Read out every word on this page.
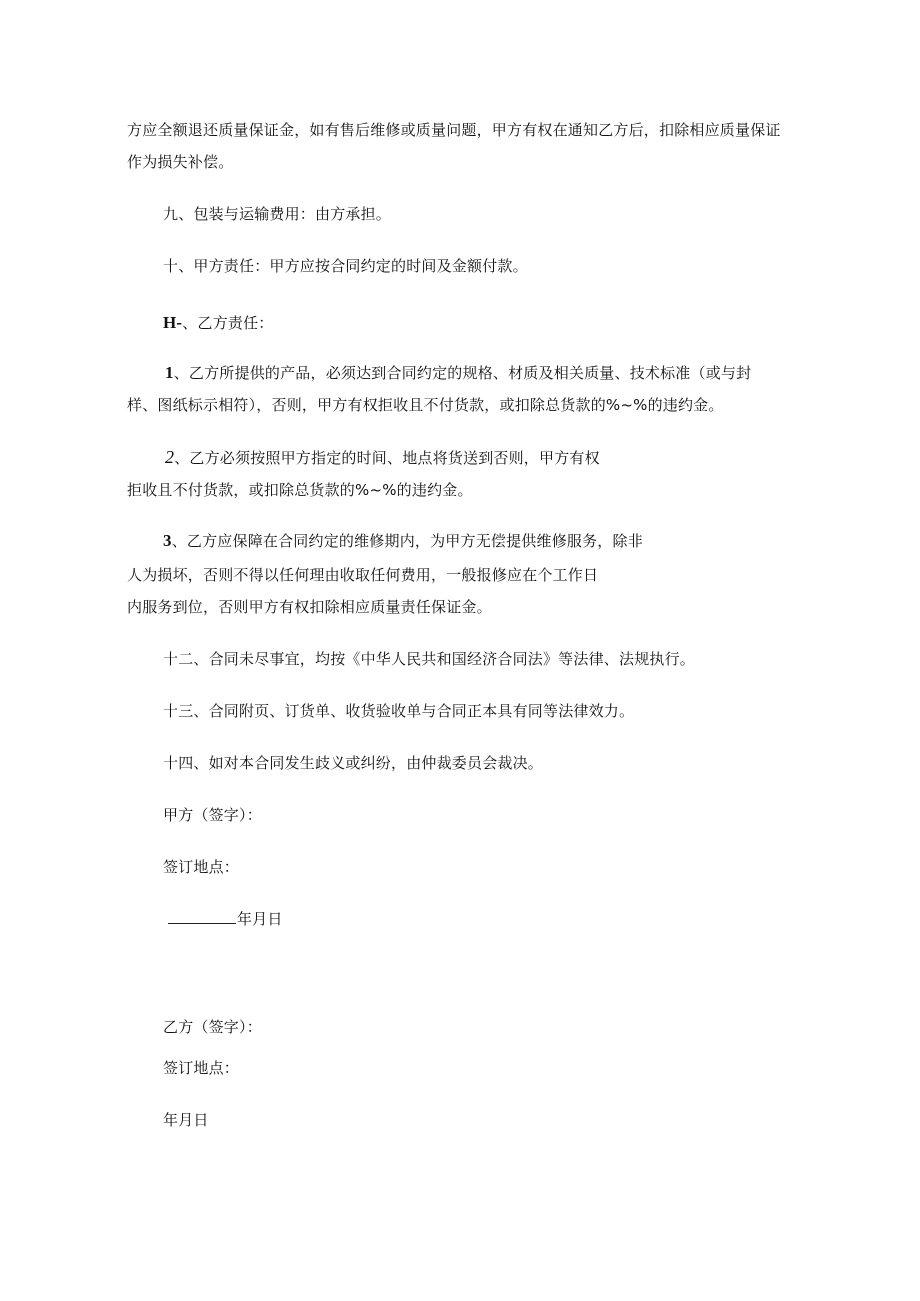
方应全额退还质量保证金，如有售后维修或质量问题，甲方有权在通知乙方后，扣除相应质量保证
作为损失补偿。
九、包装与运输费用：由方承担。
十、甲方责任：甲方应按合同约定的时间及金额付款。
H-、乙方责任：
1、乙方所提供的产品，必须达到合同约定的规格、材质及相关质量、技术标准（或与封
样、图纸标示相符），否则，甲方有权拒收且不付货款，或扣除总货款的%~%的违约金。
2、乙方必须按照甲方指定的时间、地点将货送到否则，甲方有权
拒收且不付货款，或扣除总货款的%~%的违约金。
3、乙方应保障在合同约定的维修期内，为甲方无偿提供维修服务，除非
人为损坏，否则不得以任何理由收取任何费用，一般报修应在个工作日
内服务到位，否则甲方有权扣除相应质量责任保证金。
十二、合同未尽事宜，均按《中华人民共和国经济合同法》等法律、法规执行。
十三、合同附页、订货单、收货验收单与合同正本具有同等法律效力。
十四、如对本合同发生歧义或纠纷，由仲裁委员会裁决。
甲方（签字）：
签订地点：
年月日
乙方（签字）：
签订地点：
年月日
